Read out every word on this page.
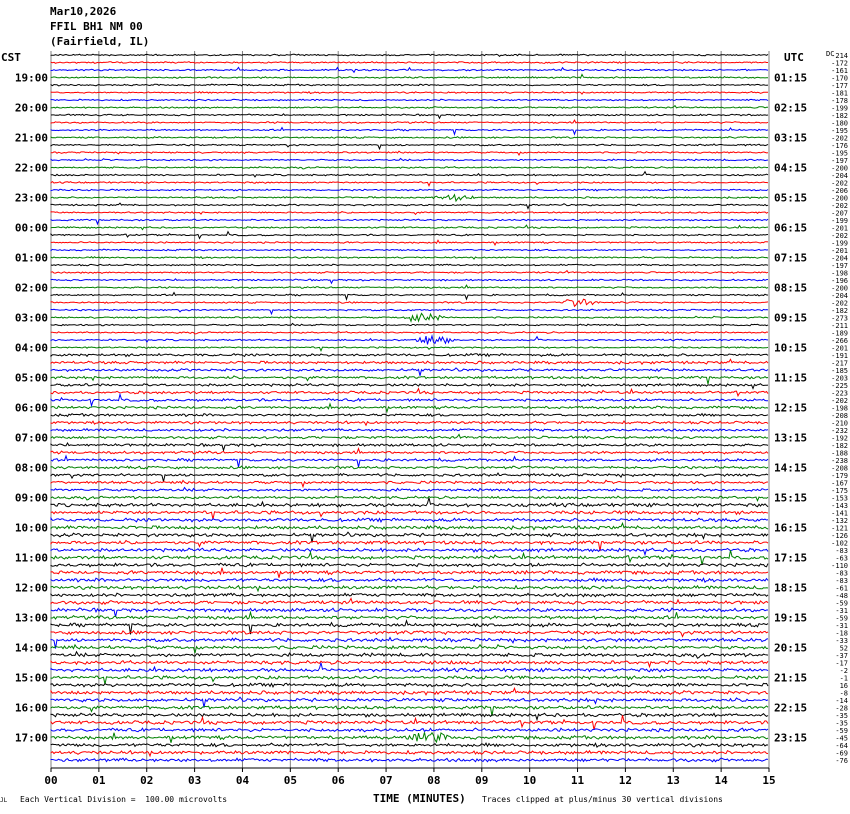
00	01	02	03	04	05	06	07	08	09	10	11	12	13	14	15
19:00
20:00
21:00
22:00
23:00
00:00
01:00
02:00
03:00
04:00
05:00
06:00
07:00
08:00
09:00
10:00
11:00
12:00
13:00
14:00
15:00
16:00
17:00
01:15
02:15
03:15
04:15
05:15
06:15
07:15
08:15
09:15
10:15
11:15
12:15
13:15
14:15
15:15
16:15
17:15
18:15
19:15
20:15
21:15
22:15
23:15
-214
-172
-161
-170
-177
-181
-178
-199
-182
-180
-195
-202
-176
-195
-197
-200
-204
-202
-206
-200
-202
-207
-199
-201
-202
-199
-201
-204
-197
-198
-196
-200
-204
-202
-182
-273
-211
-189
-266
-201
-191
-217
-185
-203
-225
-223
-202
-198
-208
-210
-232
-192
-182
-188
-238
-208
-179
-167
-175
-153
-143
-141
-132
-121
-126
-102
-83
-63
-110
-83
-83
-61
-48
-59
-31
-59
-31
-18
-33
52
-37
-17
-2
-1
16
-8
-14
-28
-35
-35
-59
-45
-64
-69
-76
Mar10,2026
FFIL BH1 NM 00
(Fairfield, IL)
CST	UTC	DC
JL Each Vertical Division =  100.00 microvolts	TIME (MINUTES) Traces clipped at plus/minus 30 vertical divisions
